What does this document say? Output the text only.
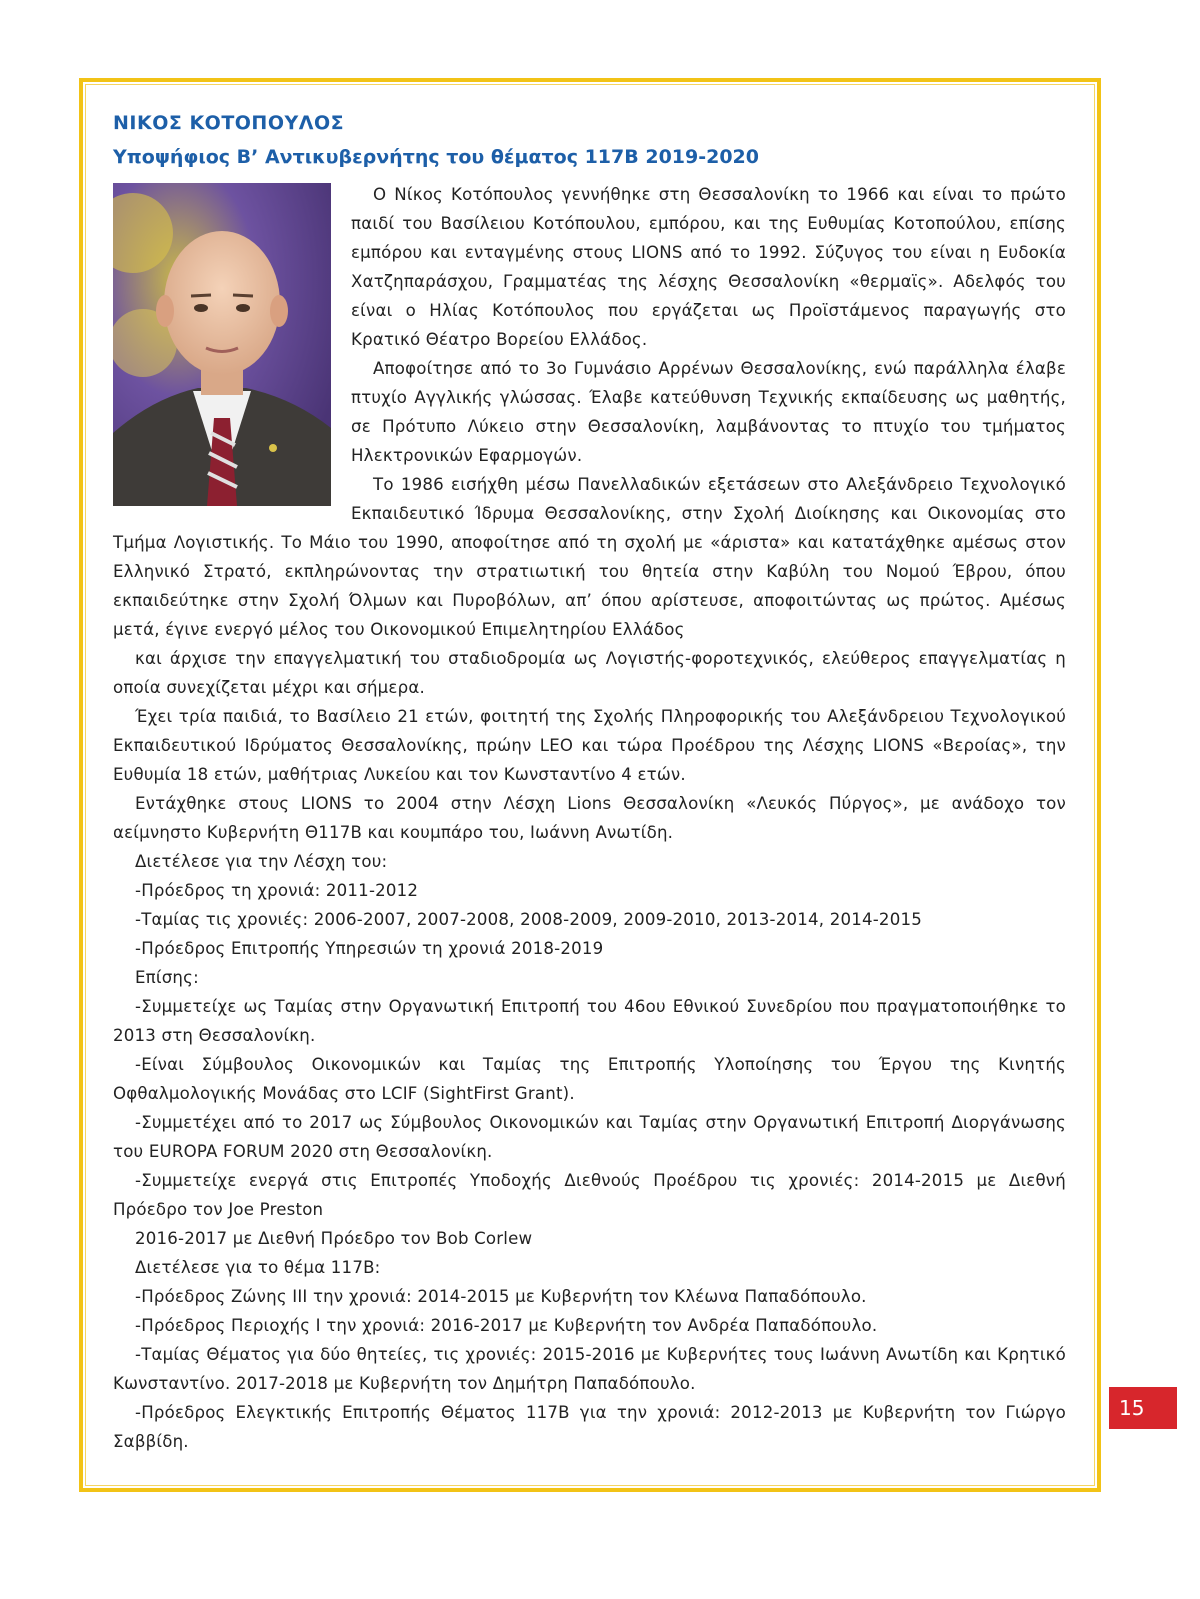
ΝΙΚΟΣ ΚΟΤΟΠΟΥΛΟΣ
Υποψήφιος Β’ Αντικυβερνήτης του θέματος 117Β 2019-2020

Ο Νίκος Κοτόπουλος γεννήθηκε στη Θεσσαλονίκη το 1966 και είναι το πρώτο παιδί του Βασίλειου Κοτόπουλου, εμπόρου, και της Ευθυμίας Κοτοπούλου, επίσης εμπόρου και ενταγμένης στους LIONS από το 1992. Σύζυγος του είναι η Ευδοκία Χατζηπαράσχου, Γραμματέας της λέσχης Θεσσαλονίκη «θερμαϊς». Αδελφός του είναι ο Ηλίας Κοτόπουλος που εργάζεται ως Προϊστάμενος παραγωγής στο Κρατικό Θέατρο Βορείου Ελλάδος.

Αποφοίτησε από το 3ο Γυμνάσιο Αρρένων Θεσσαλονίκης, ενώ παράλληλα έλαβε πτυχίο Αγγλικής γλώσσας. Έλαβε κατεύθυνση Τεχνικής εκπαίδευσης ως μαθητής, σε Πρότυπο Λύκειο στην Θεσσαλονίκη, λαμβάνοντας το πτυχίο του τμήματος Ηλεκτρονικών Εφαρμογών.

Το 1986 εισήχθη μέσω Πανελλαδικών εξετάσεων στο Αλεξάνδρειο Τεχνολογικό Εκπαιδευτικό Ίδρυμα Θεσσαλονίκης, στην Σχολή Διοίκησης και Οικονομίας στο Τμήμα Λογιστικής. Το Μάιο του 1990, αποφοίτησε από τη σχολή με «άριστα» και κατατάχθηκε αμέσως στον Ελληνικό Στρατό, εκπληρώνοντας την στρατιωτική του θητεία στην Καβύλη του Νομού Έβρου, όπου εκπαιδεύτηκε στην Σχολή Όλμων και Πυροβόλων, απ’ όπου αρίστευσε, αποφοιτώντας ως πρώτος. Αμέσως μετά, έγινε ενεργό μέλος του Οικονομικού Επιμελητηρίου Ελλάδος

και άρχισε την επαγγελματική του σταδιοδρομία ως Λογιστής-φοροτεχνικός, ελεύθερος επαγγελματίας η οποία συνεχίζεται μέχρι και σήμερα.

Έχει τρία παιδιά, το Βασίλειο 21 ετών, φοιτητή της Σχολής Πληροφορικής του Αλεξάνδρειου Τεχνολογικού Εκπαιδευτικού Ιδρύματος Θεσσαλονίκης, πρώην LEO και τώρα Προέδρου της Λέσχης LIONS «Βεροίας», την Ευθυμία 18 ετών, μαθήτριας Λυκείου και τον Κωνσταντίνο 4 ετών.

Εντάχθηκε στους LIONS το 2004 στην Λέσχη Lions Θεσσαλονίκη «Λευκός Πύργος», με ανάδοχο τον αείμνηστο Κυβερνήτη Θ117Β και κουμπάρο του, Ιωάννη Ανωτίδη.

Διετέλεσε για την Λέσχη του:

-Πρόεδρος τη χρονιά: 2011-2012

-Ταμίας τις χρονιές: 2006-2007, 2007-2008, 2008-2009, 2009-2010, 2013-2014, 2014-2015

-Πρόεδρος Επιτροπής Υπηρεσιών τη χρονιά 2018-2019

Επίσης:

-Συμμετείχε ως Ταμίας στην Οργανωτική Επιτροπή του 46ου Εθνικού Συνεδρίου που πραγματοποιήθηκε το 2013 στη Θεσσαλονίκη.

-Είναι Σύμβουλος Οικονομικών και Ταμίας της Επιτροπής Υλοποίησης του Έργου της Κινητής Οφθαλμολογικής Μονάδας στο LCIF (SightFirst Grant).

-Συμμετέχει από το 2017 ως Σύμβουλος Οικονομικών και Ταμίας στην Οργανωτική Επιτροπή Διοργάνωσης του EUROPA FORUM 2020 στη Θεσσαλονίκη.

-Συμμετείχε ενεργά στις Επιτροπές Υποδοχής Διεθνούς Προέδρου τις χρονιές: 2014-2015 με Διεθνή Πρόεδρο τον Joe Preston

2016-2017 με Διεθνή Πρόεδρο τον Bob Corlew

Διετέλεσε για το θέμα 117Β:

-Πρόεδρος Ζώνης ΙΙΙ την χρονιά: 2014-2015 με Κυβερνήτη τον Κλέωνα Παπαδόπουλο.

-Πρόεδρος Περιοχής Ι την χρονιά: 2016-2017 με Κυβερνήτη τον Ανδρέα Παπαδόπουλο.

-Ταμίας Θέματος για δύο θητείες, τις χρονιές: 2015-2016 με Κυβερνήτες τους Ιωάννη Ανωτίδη και Κρητικό Κωνσταντίνο. 2017-2018 με Κυβερνήτη τον Δημήτρη Παπαδόπουλο.

-Πρόεδρος Ελεγκτικής Επιτροπής Θέματος 117Β για την χρονιά: 2012-2013 με Κυβερνήτη τον Γιώργο Σαββίδη.

15
